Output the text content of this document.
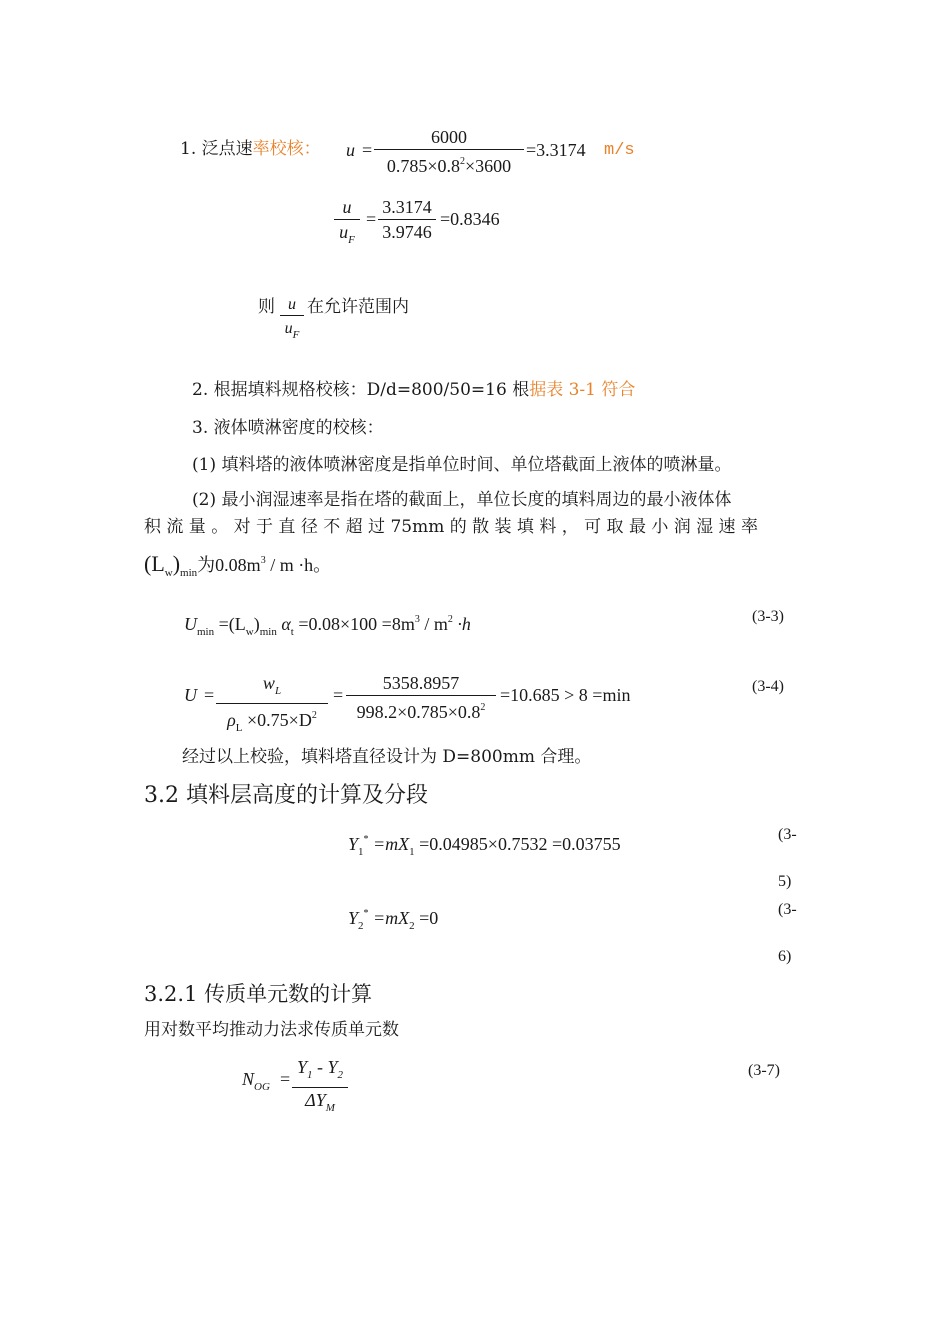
1. 泛点速率校核： u =
6000
$0.785\times 0.8^2\times 3600$
=3.3174 m/s
u
$u_F$
=
3.3174
3.9746
=0.8346
则 u
$u_F$
在允许范围内
2. 根据填料规格校核：D/d=800/50=16 根据表 3-1 符合
3. 液体喷淋密度的校核：
(1) 填料塔的液体喷淋密度是指单位时间、单位塔截面上液体的喷淋量。
(2) 最小润湿速率是指在塔的截面上，单位长度的填料周边的最小液体体
积 流 量 。 对 于 直 径 不 超 过 75mm 的 散 装 填 料 ， 可 取 最 小 润 湿 速 率
$(L_w)_{min}$为$0.08m^3 / m \cdot h$。
$U_{min} =(L_w)_{min}$ $\alpha_t =0.08\times 100 =8m^3 / m^2 \cdot h$	(3-3)
U =
$w_L$
$\rho_L \times 0.75\times D^2$
=
5358.8957
$998.2\times 0.785\times 0.8^2$
=10.685 > 8 =min	(3-4)
经过以上校验，填料塔直径设计为 D=800mm 合理。
3.2 填料层高度的计算及分段
$Y_1^* =mX_1 =0.04985\times 0.7532 =0.03755$	(3-
5)
$Y_2^* =mX_2 =0$	(3-
6)
3.2.1 传质单元数的计算
用对数平均推动力法求传质单元数
$N_{OG}$ =
$Y_1 - Y_2$
$\Delta Y_M$
(3-7)
